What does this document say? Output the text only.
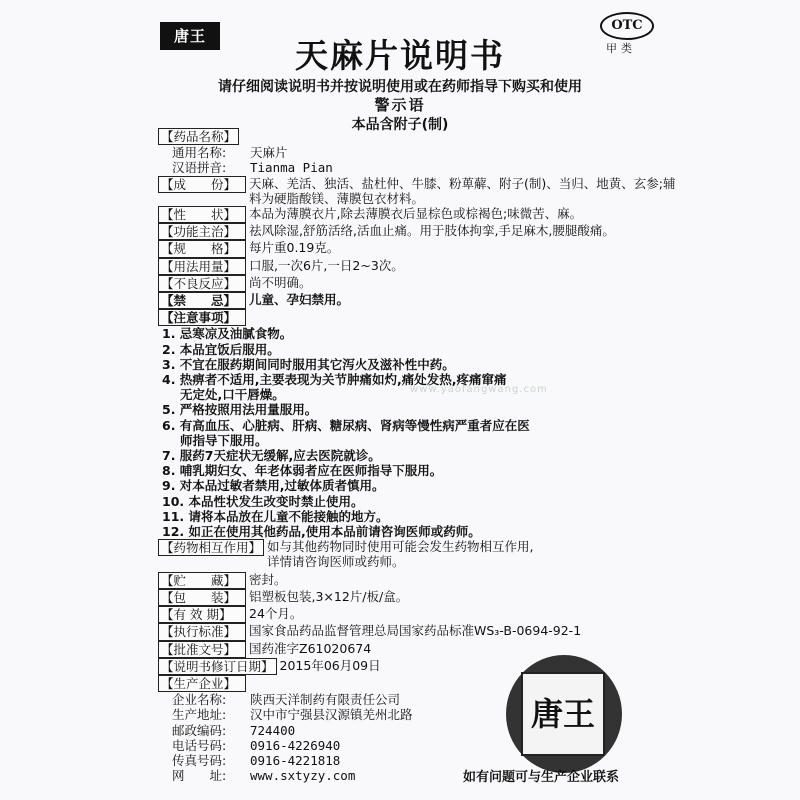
唐王
OTC
甲类
天麻片说明书
请仔细阅读说明书并按说明使用或在药师指导下购买和使用
警示语
本品含附子(制)
www.yaofangwang.com
【药品名称】
通用名称:	天麻片
汉语拼音:	Tianma Pian
【成　　份】	天麻、羌活、独活、盐杜仲、牛膝、粉萆薢、附子(制)、当归、地黄、玄参;辅料为硬脂酸镁、薄膜包衣材料。
【性　　状】	本品为薄膜衣片,除去薄膜衣后显棕色或棕褐色;味微苦、麻。
【功能主治】	祛风除湿,舒筋活络,活血止痛。用于肢体拘挛,手足麻木,腰腿酸痛。
【规　　格】	每片重0.19克。
【用法用量】	口服,一次6片,一日2~3次。
【不良反应】	尚不明确。
【禁　　忌】	儿童、孕妇禁用。
【注意事项】
1. 忌寒凉及油腻食物。
2. 本品宜饭后服用。
3. 不宜在服药期间同时服用其它泻火及滋补性中药。
4. 热痹者不适用,主要表现为关节肿痛如灼,痛处发热,疼痛窜痛
无定处,口干唇燥。
5. 严格按照用法用量服用。
6. 有高血压、心脏病、肝病、糖尿病、肾病等慢性病严重者应在医
师指导下服用。
7. 服药7天症状无缓解,应去医院就诊。
8. 哺乳期妇女、年老体弱者应在医师指导下服用。
9. 对本品过敏者禁用,过敏体质者慎用。
10. 本品性状发生改变时禁止使用。
11. 请将本品放在儿童不能接触的地方。
12. 如正在使用其他药品,使用本品前请咨询医师或药师。
【药物相互作用】 如与其他药物同时使用可能会发生药物相互作用,
详情请咨询医师或药师。
【贮　　藏】	密封。
【包　　装】	铝塑板包装,3×12片/板/盒。
【有 效 期】	24个月。
【执行标准】	国家食品药品监督管理总局国家药品标准WS₃-B-0694-92-1
【批准文号】	国药准字Z61020674
【说明书修订日期】 2015年06月09日
【生产企业】
企业名称:	陕西天洋制药有限责任公司
生产地址:	汉中市宁强县汉源镇羌州北路
邮政编码:	724400
电话号码:	0916-4226940
传真号码:	0916-4221818
网　　址:	www.sxtyzy.com
唐王
如有问题可与生产企业联系
